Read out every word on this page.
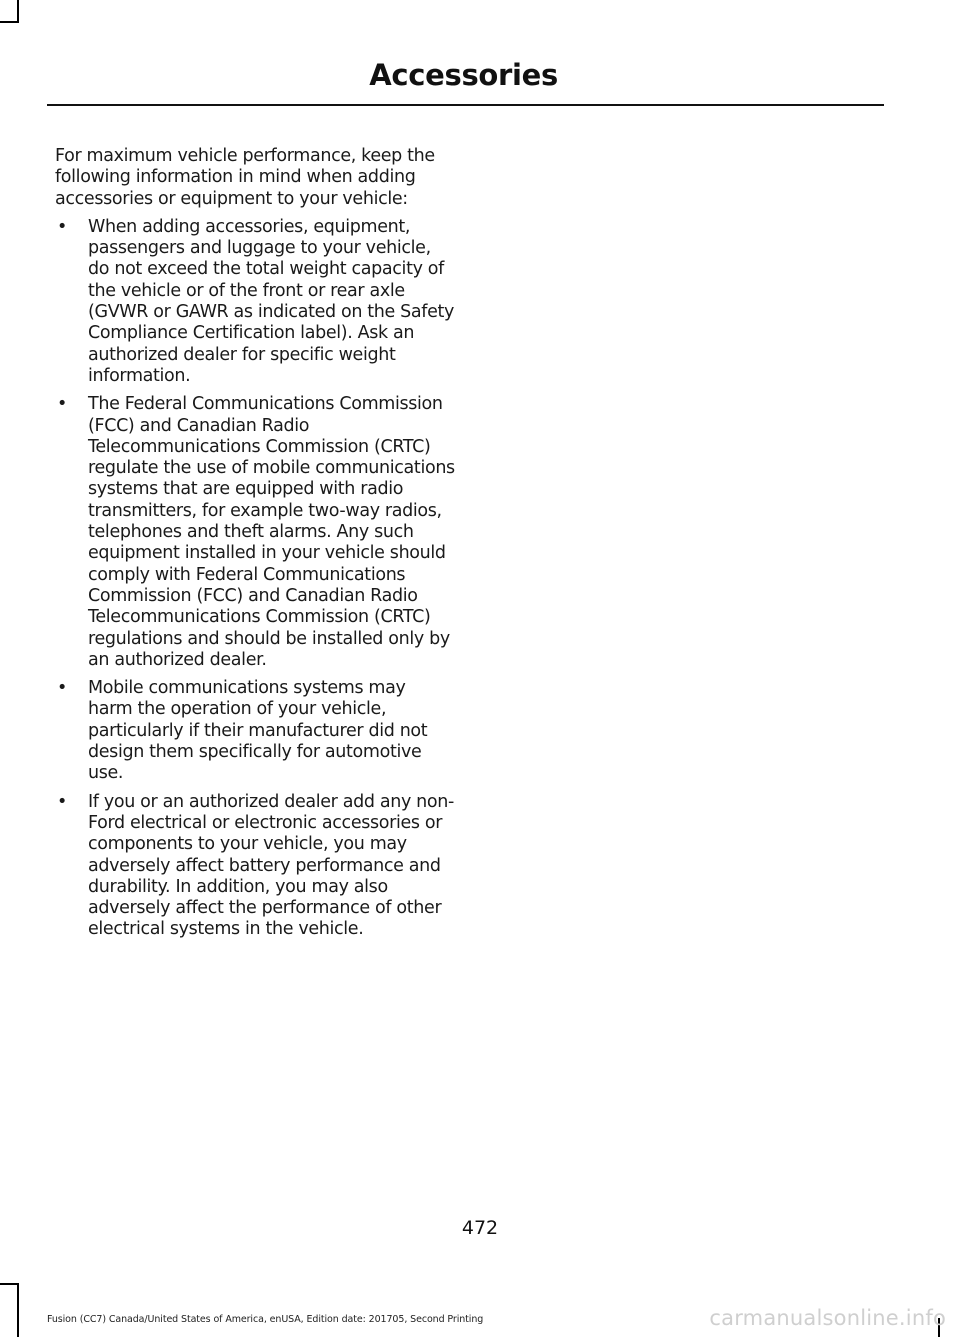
Accessories

For maximum vehicle performance, keep the following information in mind when adding accessories or equipment to your vehicle:

• When adding accessories, equipment, passengers and luggage to your vehicle, do not exceed the total weight capacity of the vehicle or of the front or rear axle (GVWR or GAWR as indicated on the Safety Compliance Certification label). Ask an authorized dealer for specific weight information.
• The Federal Communications Commission (FCC) and Canadian Radio Telecommunications Commission (CRTC) regulate the use of mobile communications systems that are equipped with radio transmitters, for example two-way radios, telephones and theft alarms. Any such equipment installed in your vehicle should comply with Federal Communications Commission (FCC) and Canadian Radio Telecommunications Commission (CRTC) regulations and should be installed only by an authorized dealer.
• Mobile communications systems may harm the operation of your vehicle, particularly if their manufacturer did not design them specifically for automotive use.
• If you or an authorized dealer add any non-Ford electrical or electronic accessories or components to your vehicle, you may adversely affect battery performance and durability. In addition, you may also adversely affect the performance of other electrical systems in the vehicle.
472
Fusion (CC7) Canada/United States of America, enUSA, Edition date: 201705, Second Printing	carmanualsonline.info
